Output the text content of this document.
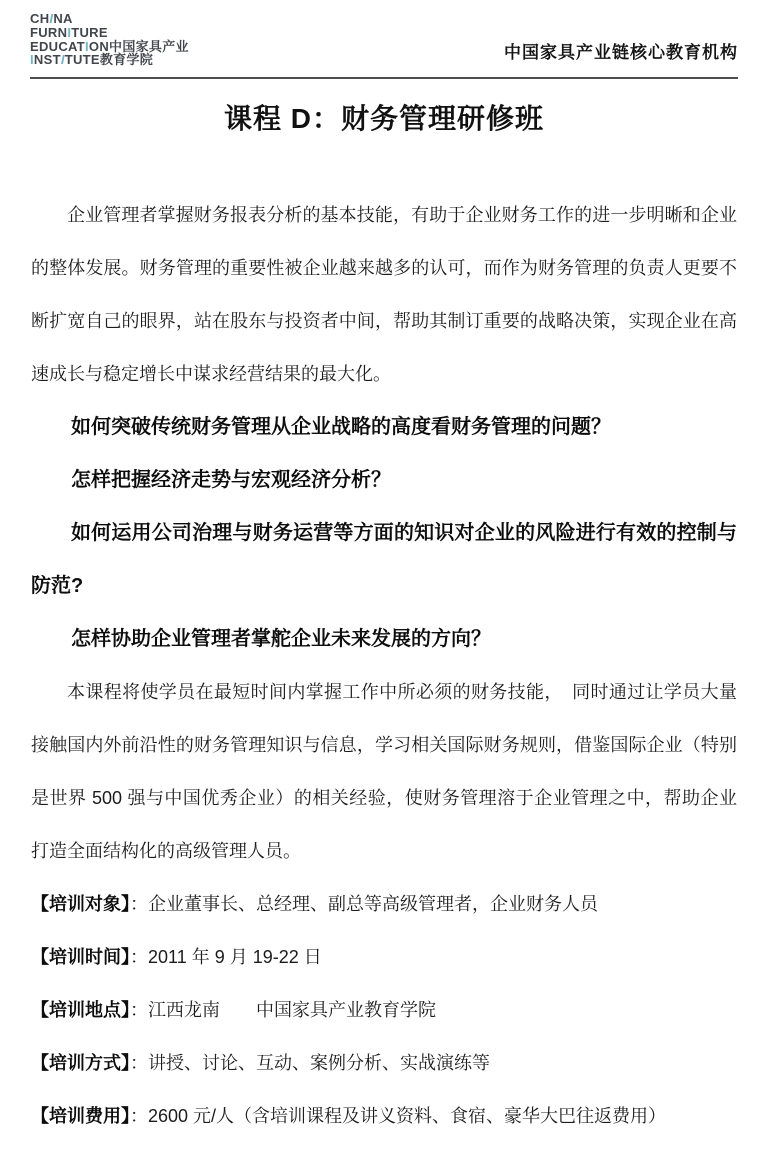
CHINA
FURNITURE
EDUCATION中国家具产业
INSTITUTE教育学院	中国家具产业链核心教育机构
课程 D：财务管理研修班

企业管理者掌握财务报表分析的基本技能，有助于企业财务工作的进一步明晰和企业的整体发展。财务管理的重要性被企业越来越多的认可，而作为财务管理的负责人更要不断扩宽自己的眼界，站在股东与投资者中间，帮助其制订重要的战略决策，实现企业在高速成长与稳定增长中谋求经营结果的最大化。

如何突破传统财务管理从企业战略的高度看财务管理的问题？

怎样把握经济走势与宏观经济分析？

如何运用公司治理与财务运营等方面的知识对企业的风险进行有效的控制与防范?

怎样协助企业管理者掌舵企业未来发展的方向？

本课程将使学员在最短时间内掌握工作中所必须的财务技能，　同时通过让学员大量接触国内外前沿性的财务管理知识与信息，学习相关国际财务规则，借鉴国际企业（特别是世界 500 强与中国优秀企业）的相关经验，使财务管理溶于企业管理之中，帮助企业打造全面结构化的高级管理人员。

【培训对象】：企业董事长、总经理、副总等高级管理者，企业财务人员

【培训时间】：2011 年 9 月 19-22 日

【培训地点】：江西龙南　　中国家具产业教育学院

【培训方式】：讲授、讨论、互动、案例分析、实战演练等

【培训费用】：2600 元/人（含培训课程及讲义资料、食宿、豪华大巴往返费用）
